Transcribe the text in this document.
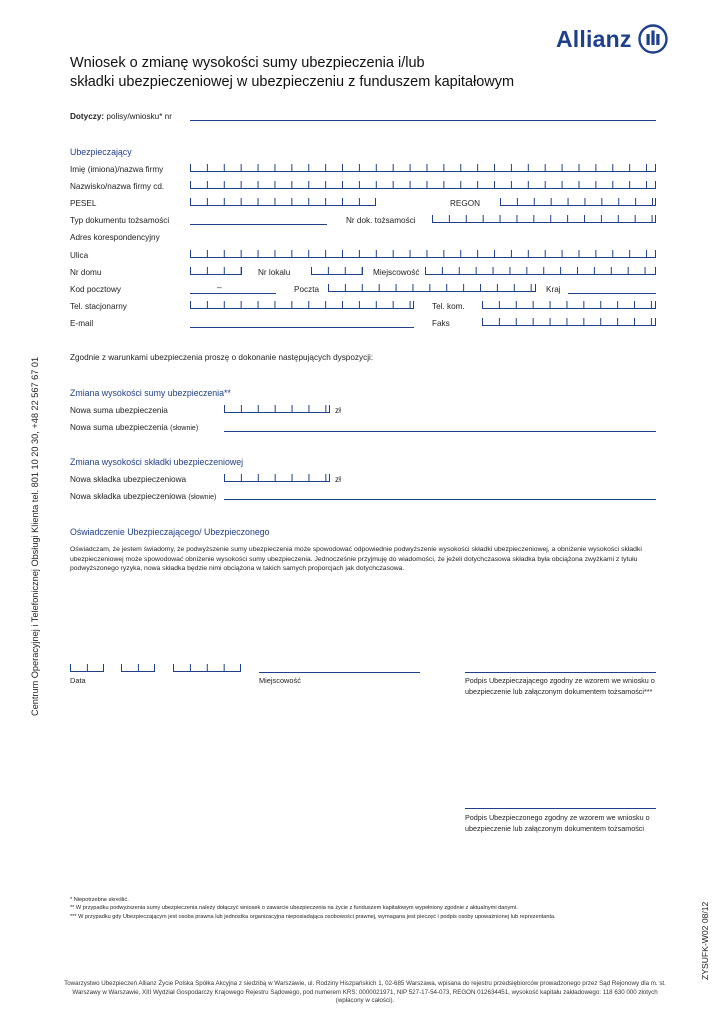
Allianz
Wniosek o zmianę wysokości sumy ubezpieczenia i/lub
składki ubezpieczeniowej w ubezpieczeniu z funduszem kapitałowym
Dotyczy: polisy/wniosku* nr
Ubezpieczający
Imię (imiona)/nazwa firmy
Nazwisko/nazwa firmy cd.
PESEL	REGON
Typ dokumentu tożsamości	Nr dok. tożsamości
Adres korespondencyjny
Ulica
Nr domu	Nr lokalu	Miejscowość
Kod pocztowy	–	Poczta	Kraj
Tel. stacjonarny	Tel. kom.
E-mail	Faks
Zgodnie z warunkami ubezpieczenia proszę o dokonanie następujących dyspozycji:
Zmiana wysokości sumy ubezpieczenia**
Nowa suma ubezpieczenia	zł
Nowa suma ubezpieczenia (słownie)
Zmiana wysokości składki ubezpieczeniowej
Nowa składka ubezpieczeniowa	zł
Nowa składka ubezpieczeniowa (słownie)
Oświadczenie Ubezpieczającego/ Ubezpieczonego
Oświadczam, że jestem świadomy, że podwyższenie sumy ubezpieczenia może spowodować odpowiednie podwyższenie wysokości składki ubezpieczeniowej, a obniżenie wysokości składki ubezpieczeniowej może spowodować obniżenie wysokości sumy ubezpieczenia. Jednocześnie przyjmuję do wiadomości, że jeżeli dotychczasowa składka była obciążona zwyżkami z tytułu podwyższonego ryzyka, nowa składka będzie nimi obciążona w takich samych proporcjach jak dotychczasowa.
Data	Miejscowość	Podpis Ubezpieczającego zgodny ze wzorem we wniosku o ubezpieczenie lub załączonym dokumentem tożsamości***
Podpis Ubezpieczonego zgodny ze wzorem we wniosku o ubezpieczenie lub załączonym dokumentem tożsamości
* Niepotrzebne skreślić.
** W przypadku podwyższenia sumy ubezpieczenia należy dołączyć wniosek o zawarcie ubezpieczenia na życie z funduszem kapitałowym wypełniony zgodnie z aktualnymi danymi.
*** W przypadku gdy Ubezpieczającym jest osoba prawna lub jednostka organizacyjna nieposiadająca osobowości prawnej, wymagana jest pieczęć i podpis osoby upoważnionej lub reprezentanta.
Towarzystwo Ubezpieczeń Allianz Życie Polska Spółka Akcyjna z siedzibą w Warszawie, ul. Rodziny Hiszpańskich 1, 02-685 Warszawa, wpisana do rejestru przedsiębiorców prowadzonego przez Sąd Rejonowy dla m. st. Warszawy w Warszawie, XIII Wydział Gospodarczy Krajowego Rejestru Sądowego, pod numerem KRS: 0000021971, NIP 527-17-54-073, REGON 012634451, wysokość kapitału zakładowego: 118 630 000 złotych (wpłacony w całości).
Centrum Operacyjnej i Telefonicznej Obsługi Klienta tel. 801 10 20 30, +48 22 567 67 01
ZYSUFK-W02 08/12
